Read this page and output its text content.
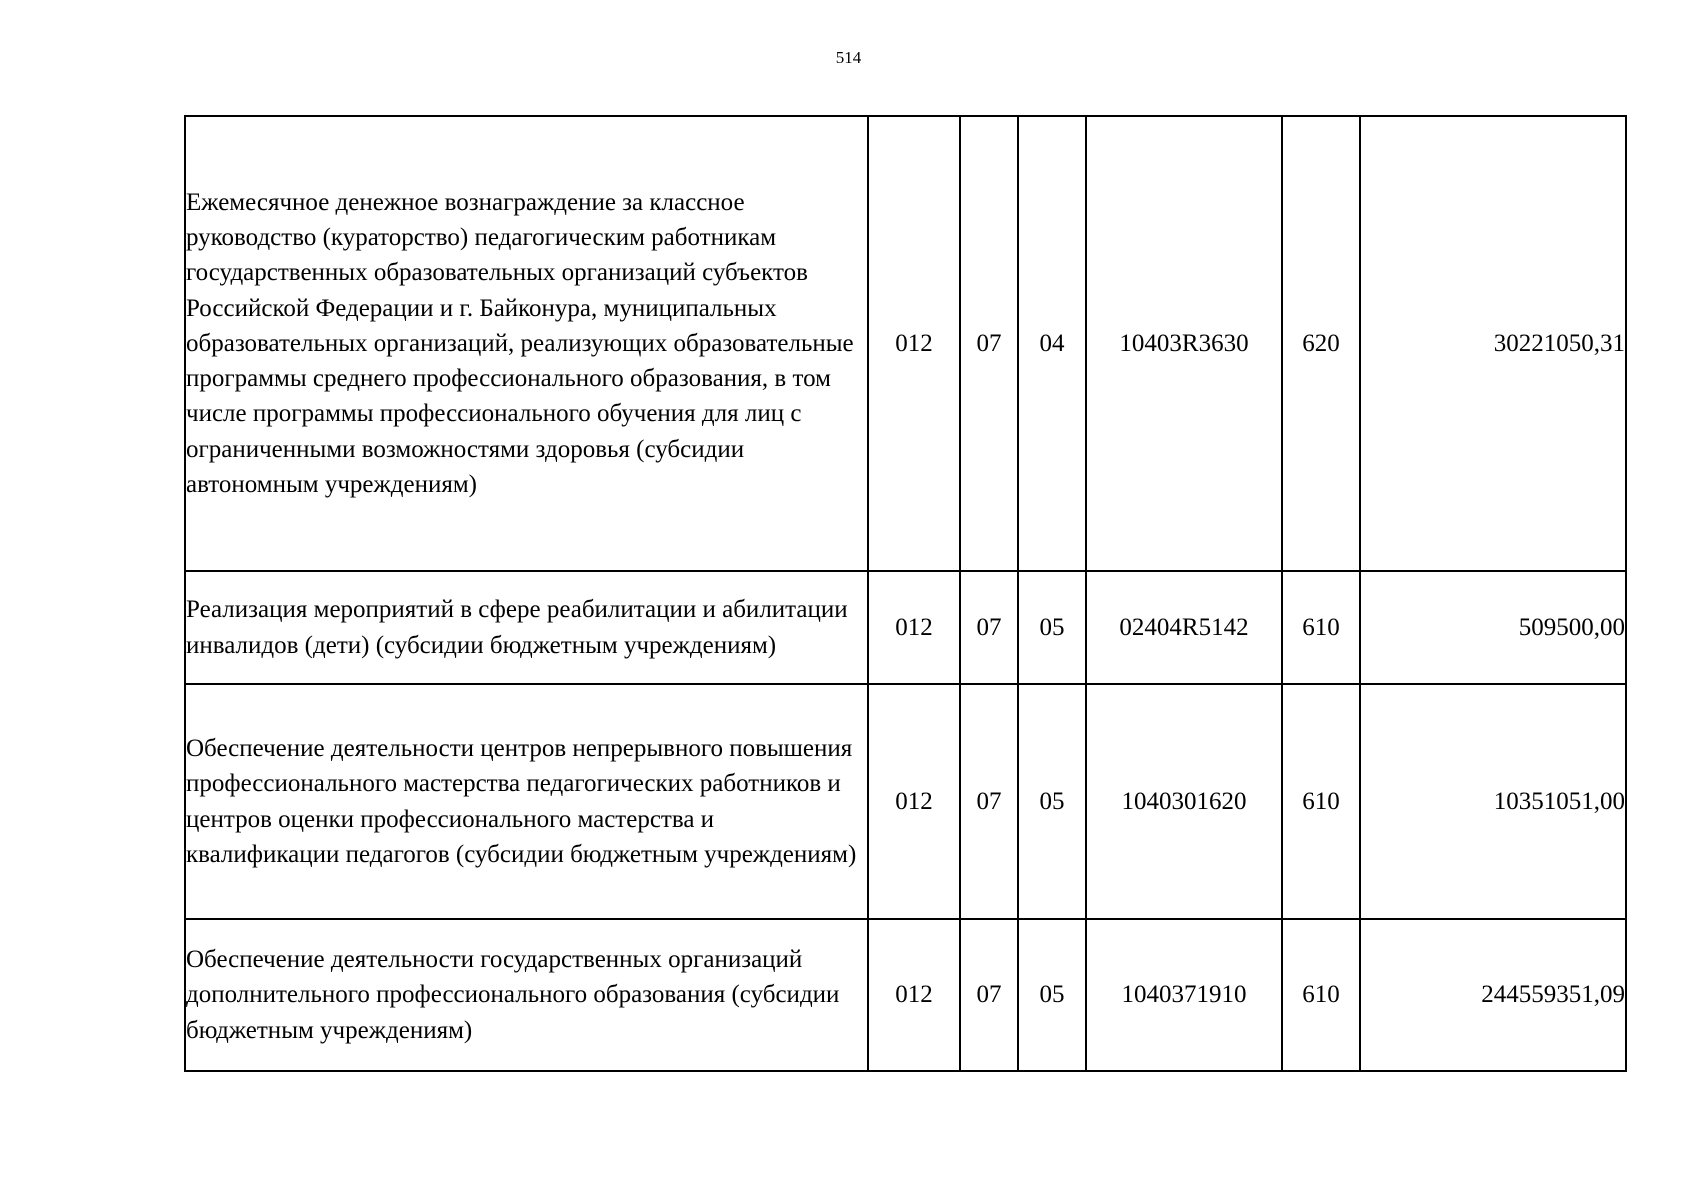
514
Ежемесячное денежное вознаграждение за классное руководство (кураторство) педагогическим работникам государственных образовательных организаций субъектов Российской Федерации и г. Байконура, муниципальных образовательных организаций, реализующих образовательные программы среднего профессионального образования, в том числе программы профессионального обучения для лиц с ограниченными возможностями здоровья (субсидии автономным учреждениям)	012	07	04	10403R3630	620	30221050,31
Реализация мероприятий в сфере реабилитации и абилитации инвалидов (дети) (субсидии бюджетным учреждениям)	012	07	05	02404R5142	610	509500,00
Обеспечение деятельности центров непрерывного повышения профессионального мастерства педагогических работников и центров оценки профессионального мастерства и квалификации педагогов (субсидии бюджетным учреждениям)	012	07	05	1040301620	610	10351051,00
Обеспечение деятельности государственных организаций дополнительного профессионального образования (субсидии бюджетным учреждениям)	012	07	05	1040371910	610	244559351,09
